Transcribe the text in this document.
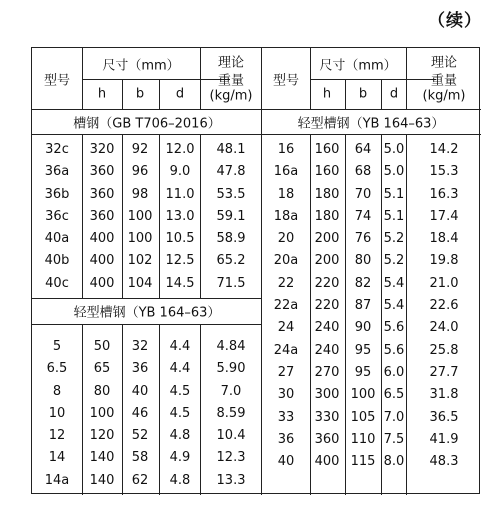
（续）
型号
尺寸（mm）
h b d
理论
重量
(kg/m)
型号
尺寸（mm）
h b d
理论
重量
(kg/m)
槽钢（GB T706–2016）	轻型槽钢（YB 164–63）
轻型槽钢（YB 164–63）
32c
36a
36b
36c
40a
40b
40c
320
360
360
360
400
400
400
92
96
98
100
100
102
104
12.0
9.0
11.0
13.0
10.5
12.5
14.5
48.1
47.8
53.5
59.1
58.9
65.2
71.5
5
6.5
8
10
12
14
14a
50
65
80
100
120
140
140
32
36
40
46
52
58
62
4.4
4.4
4.5
4.5
4.8
4.9
4.8
4.84
5.90
7.0
8.59
10.4
12.3
13.3
16
16a
18
18a
20
20a
22
22a
24
24a
27
30
33
36
40
160
160
180
180
200
200
220
220
240
240
270
300
330
360
400
64
68
70
74
76
80
82
87
90
95
95
100
105
110
115
5.0
5.0
5.1
5.1
5.2
5.2
5.4
5.4
5.6
5.6
6.0
6.5
7.0
7.5
8.0
14.2
15.3
16.3
17.4
18.4
19.8
21.0
22.6
24.0
25.8
27.7
31.8
36.5
41.9
48.3
